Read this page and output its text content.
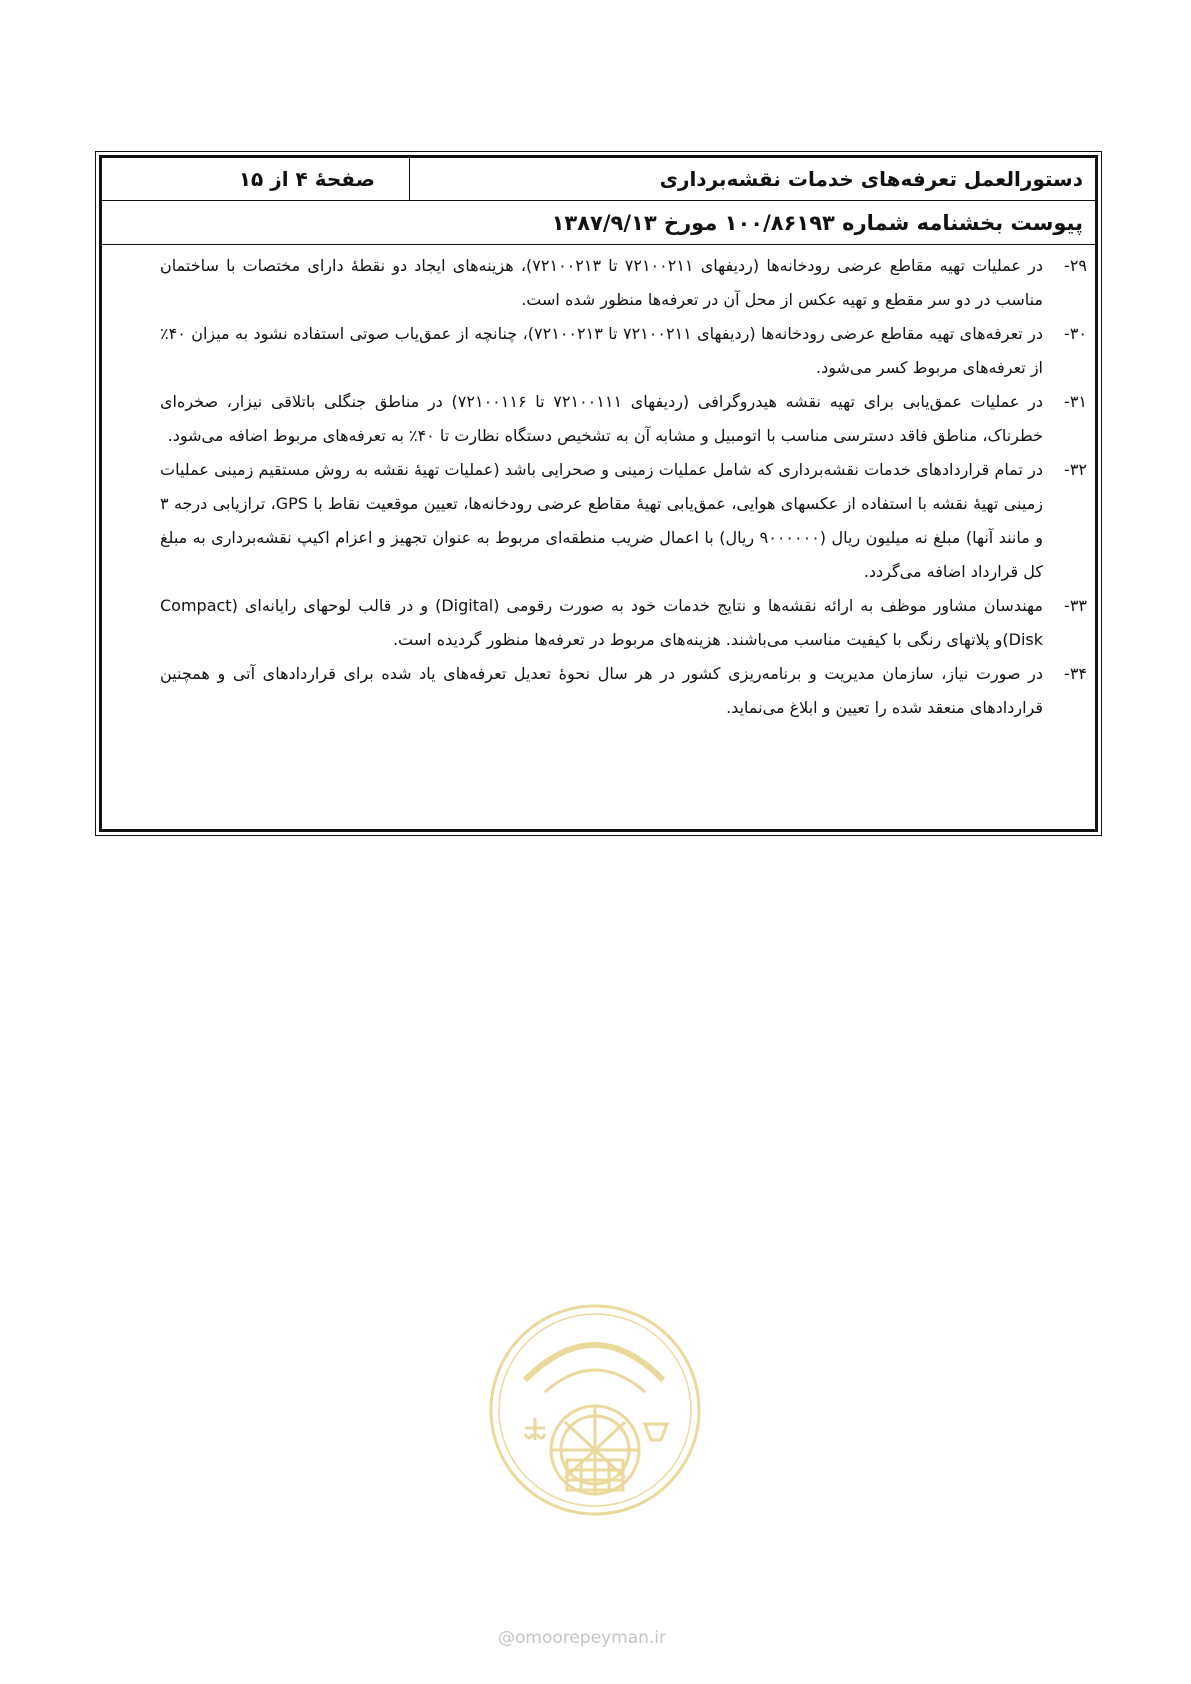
دستورالعمل تعرفه‌های خدمات نقشه‌برداری
صفحۀ ۴ از ۱۵
پیوست بخشنامه شماره ۱۰۰/۸۶۱۹۳ مورخ ۱۳۸۷/۹/۱۳
۲۹-
در عملیات تهیه مقاطع عرضی رودخانه‌ها (ردیفهای ۷۲۱۰۰۲۱۱ تا ۷۲۱۰۰۲۱۳)، هزینه‌های ایجاد دو نقطۀ دارای مختصات با ساختمان مناسب در دو سر مقطع و تهیه عکس از محل آن در تعرفه‌ها منظور شده است.
۳۰-
در تعرفه‌های تهیه مقاطع عرضی رودخانه‌ها (ردیفهای ۷۲۱۰۰۲۱۱ تا ۷۲۱۰۰۲۱۳)، چنانچه از عمق‌یاب صوتی استفاده نشود به میزان ۴۰٪ از تعرفه‌های مربوط کسر می‌شود.
۳۱-
در عملیات عمق‌یابی برای تهیه نقشه هیدروگرافی (ردیفهای ۷۲۱۰۰۱۱۱ تا ۷۲۱۰۰۱۱۶) در مناطق جنگلی باتلاقی نیزار، صخره‌ای خطرناک، مناطق فاقد دسترسی مناسب با اتومبیل و مشابه آن به تشخیص دستگاه نظارت تا ۴۰٪ به تعرفه‌های مربوط اضافه می‌شود.
۳۲-
در تمام قراردادهای خدمات نقشه‌برداری که شامل عملیات زمینی و صحرایی باشد (عملیات تهیۀ نقشه به روش مستقیم زمینی عملیات زمینی تهیۀ نقشه با استفاده از عکسهای هوایی، عمق‌یابی تهیۀ مقاطع عرضی رودخانه‌ها، تعیین موقعیت نقاط با GPS، ترازیابی درجه ۳ و مانند آنها) مبلغ نه میلیون ریال (۹۰۰۰۰۰۰ ریال) با اعمال ضریب منطقه‌ای مربوط به عنوان تجهیز و اعزام اکیپ نقشه‌برداری به مبلغ کل قرارداد اضافه می‌گردد.
۳۳-
مهندسان مشاور موظف به ارائه نقشه‌ها و نتایج خدمات خود به صورت رقومی (Digital) و در قالب لوحهای رایانه‌ای (Compact Disk)و پلاتهای رنگی با کیفیت مناسب می‌باشند. هزینه‌های مربوط در تعرفه‌ها منظور گردیده است.
۳۴-
در صورت نیاز، سازمان مدیریت و برنامه‌ریزی کشور در هر سال نحوۀ تعدیل تعرفه‌های یاد شده برای قراردادهای آتی و همچنین قراردادهای منعقد شده را تعیین و ابلاغ می‌نماید.
@omoorepeyman.ir
